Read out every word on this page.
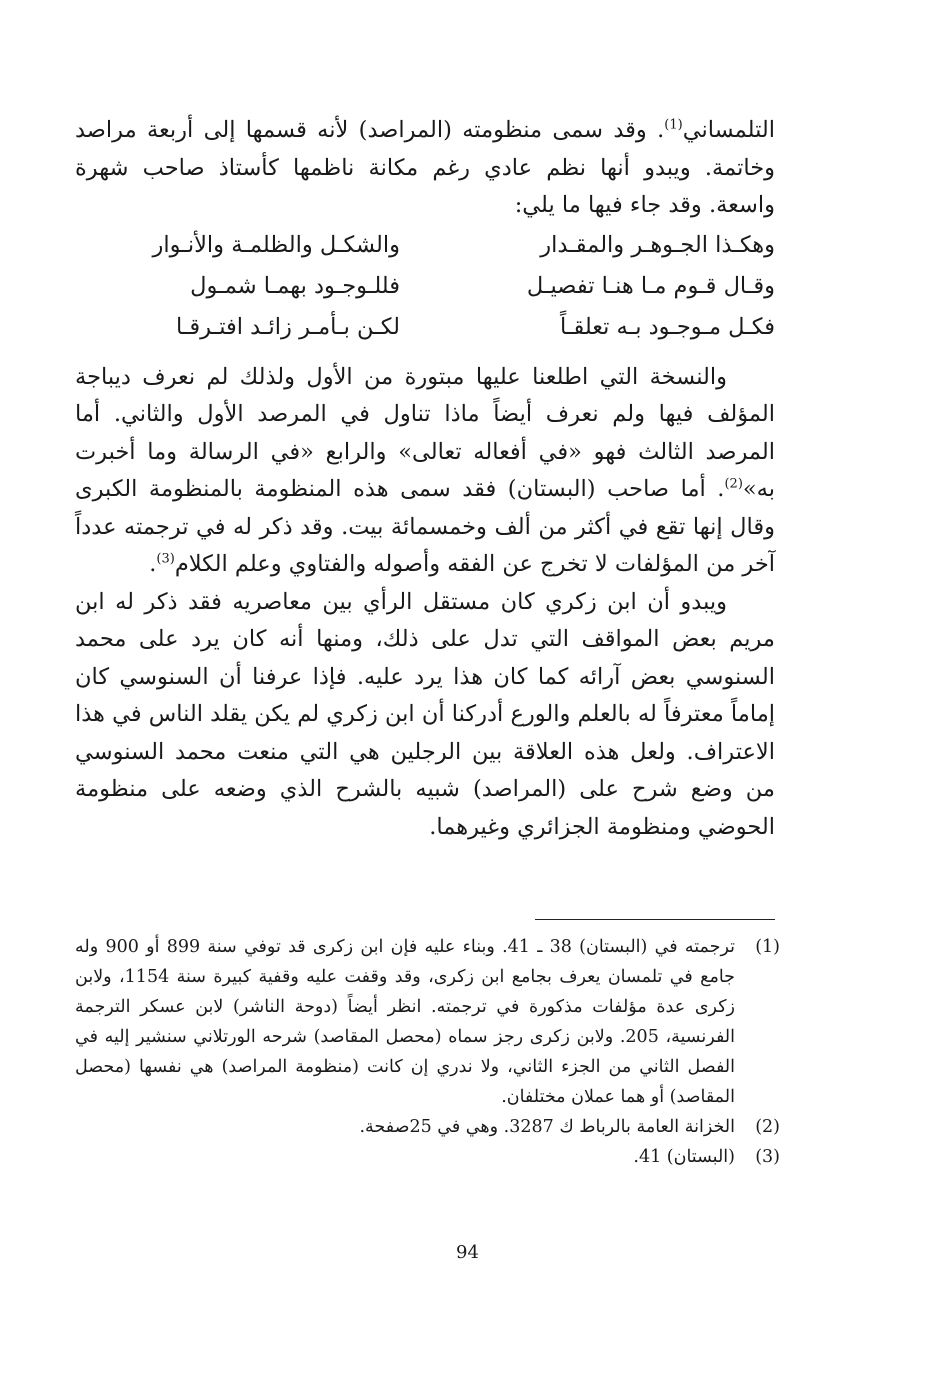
التلمساني$^{(1)}$. وقد سمى منظومته (المراصد) لأنه قسمها إلى أربعة مراصد وخاتمة. ويبدو أنها نظم عادي رغم مكانة ناظمها كأستاذ صاحب شهرة واسعة. وقد جاء فيها ما يلي:

وهكـذا الجـوهـر والمقـدار
والشكـل والظلمـة والأنـوار
وقـال قـوم مـا هنـا تفصيـل
فللـوجـود بهمـا شمـول
فكـل مـوجـود بـه تعلقـاً
لكـن بـأمـر زائـد افتـرقـا

والنسخة التي اطلعنا عليها مبتورة من الأول ولذلك لم نعرف ديباجة المؤلف فيها ولم نعرف أيضاً ماذا تناول في المرصد الأول والثاني. أما المرصد الثالث فهو «في أفعاله تعالى» والرابع «في الرسالة وما أخبرت به»$^{(2)}$. أما صاحب (البستان) فقد سمى هذه المنظومة بالمنظومة الكبرى وقال إنها تقع في أكثر من ألف وخمسمائة بيت. وقد ذكر له في ترجمته عدداً آخر من المؤلفات لا تخرج عن الفقه وأصوله والفتاوي وعلم الكلام$^{(3)}$.

ويبدو أن ابن زكري كان مستقل الرأي بين معاصريه فقد ذكر له ابن مريم بعض المواقف التي تدل على ذلك، ومنها أنه كان يرد على محمد السنوسي بعض آرائه كما كان هذا يرد عليه. فإذا عرفنا أن السنوسي كان إماماً معترفاً له بالعلم والورع أدركنا أن ابن زكري لم يكن يقلد الناس في هذا الاعتراف. ولعل هذه العلاقة بين الرجلين هي التي منعت محمد السنوسي من وضع شرح على (المراصد) شبيه بالشرح الذي وضعه على منظومة الحوضي ومنظومة الجزائري وغيرهما.

(1)
ترجمته في (البستان) 38 ـ 41. وبناء عليه فإن ابن زكرى قد توفي سنة 899 أو 900 وله جامع في تلمسان يعرف بجامع ابن زكرى، وقد وقفت عليه وقفية كبيرة سنة 1154، ولابن زكرى عدة مؤلفات مذكورة في ترجمته. انظر أيضاً (دوحة الناشر) لابن عسكر الترجمة الفرنسية، 205. ولابن زكرى رجز سماه (محصل المقاصد) شرحه الورتلاني سنشير إليه في الفصل الثاني من الجزء الثاني، ولا ندري إن كانت (منظومة المراصد) هي نفسها (محصل المقاصد) أو هما عملان مختلفان.
(2)
الخزانة العامة بالرباط ك 3287. وهي في 25صفحة.
(3)
(البستان) 41.
94
